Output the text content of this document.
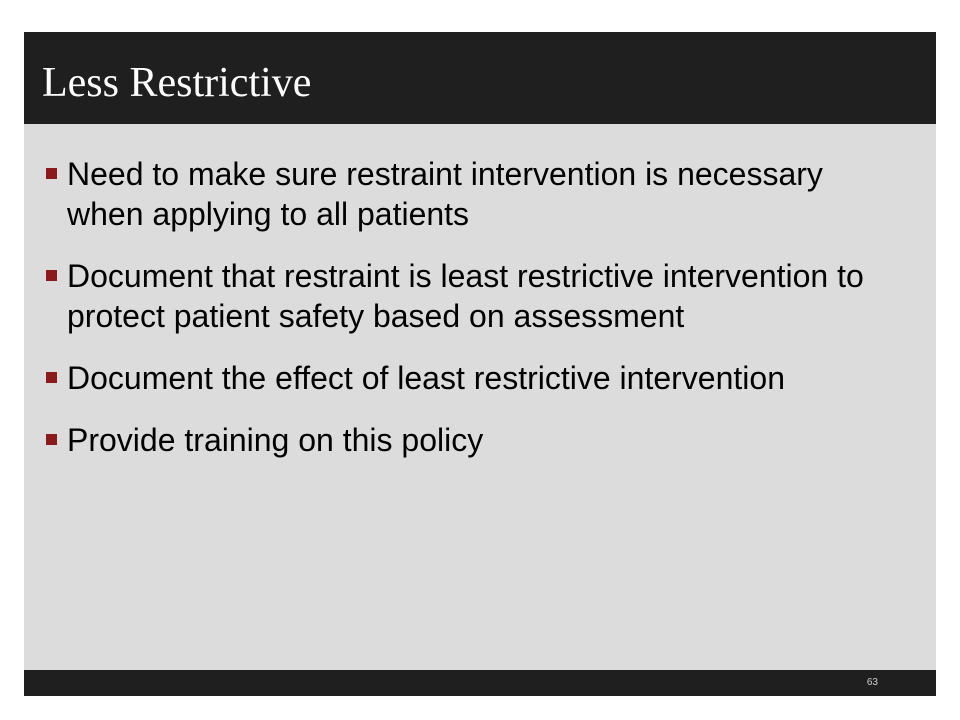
Less Restrictive
Need to make sure restraint intervention is necessary when applying to all patients
Document that restraint is least restrictive intervention to protect patient safety based on assessment
Document the effect of least restrictive intervention
Provide training on this policy
63
